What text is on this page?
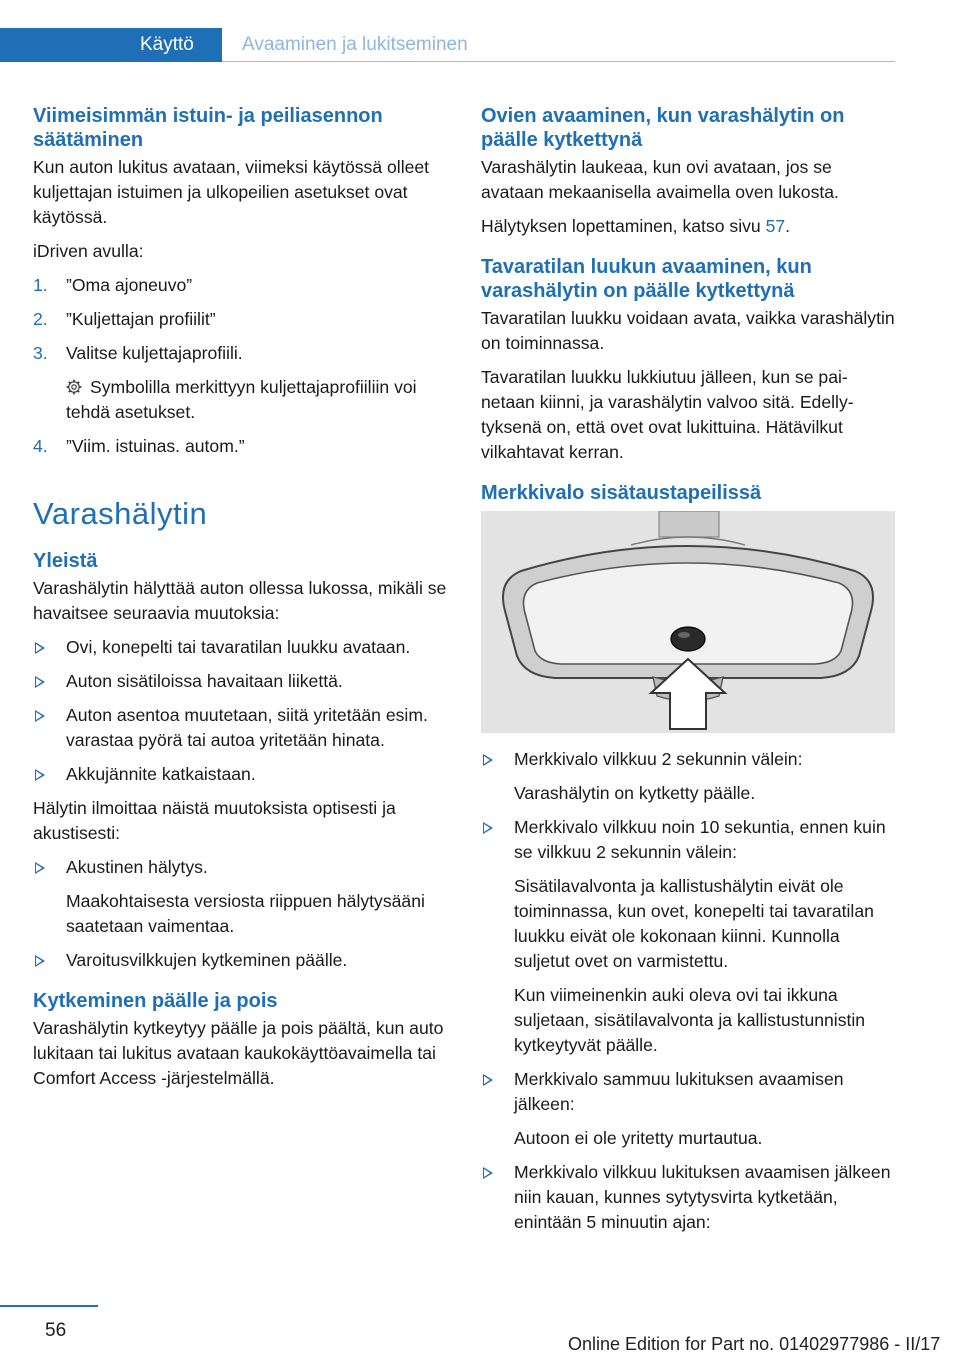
Käyttö	Avaaminen ja lukitseminen
Viimeisimmän istuin- ja peiliasennon säätäminen
Kun auton lukitus avataan, viimeksi käytössä olleet kuljettajan istuimen ja ulkopeilien asetukset ovat käytössä.
iDriven avulla:
1. ”Oma ajoneuvo”
2. ”Kuljettajan profiilit”
3. Valitse kuljettajaprofiili.
Symbolilla merkittyyn kuljettajaprofiiliin voi tehdä asetukset.
4. ”Viim. istuinas. autom.”
Varashälytin
Yleistä
Varashälytin hälyttää auton ollessa lukossa, mikäli se havaitsee seuraavia muutoksia:
Ovi, konepelti tai tavaratilan luukku avataan.
Auton sisätiloissa havaitaan liikettä.
Auton asentoa muutetaan, siitä yritetään esim. varastaa pyörä tai autoa yritetään hinata.
Akkujännite katkaistaan.
Hälytin ilmoittaa näistä muutoksista optisesti ja akustisesti:
Akustinen hälytys.
Maakohtaisesta versiosta riippuen hälytysääni saatetaan vaimentaa.
Varoitusvilkkujen kytkeminen päälle.
Kytkeminen päälle ja pois
Varashälytin kytkeytyy päälle ja pois päältä, kun auto lukitaan tai lukitus avataan kaukokäyttöavaimella tai Comfort Access -järjestelmällä.
Ovien avaaminen, kun varashälytin on päälle kytkettynä
Varashälytin laukeaa, kun ovi avataan, jos se avataan mekaanisella avaimella oven lukosta.
Hälytyksen lopettaminen, katso sivu 57.
Tavaratilan luukun avaaminen, kun varashälytin on päälle kytkettynä
Tavaratilan luukku voidaan avata, vaikka varashälytin on toiminnassa.
Tavaratilan luukku lukkiutuu jälleen, kun se painetaan kiinni, ja varashälytin valvoo sitä. Edellytyksenä on, että ovet ovat lukittuina. Hätävilkut vilkahtavat kerran.
Merkkivalo sisätaustapeilissä
Merkkivalo vilkkuu 2 sekunnin välein:
Varashälytin on kytketty päälle.
Merkkivalo vilkkuu noin 10 sekuntia, ennen kuin se vilkkuu 2 sekunnin välein:
Sisätilavalvonta ja kallistushälytin eivät ole toiminnassa, kun ovet, konepelti tai tavaratilan luukku eivät ole kokonaan kiinni. Kunnolla suljetut ovet on varmistettu.
Kun viimeinenkin auki oleva ovi tai ikkuna suljetaan, sisätilavalvonta ja kallistustunnistin kytkeytyvät päälle.
Merkkivalo sammuu lukituksen avaamisen jälkeen:
Autoon ei ole yritetty murtautua.
Merkkivalo vilkkuu lukituksen avaamisen jälkeen niin kauan, kunnes sytytysvirta kytketään, enintään 5 minuutin ajan:
56
Online Edition for Part no. 01402977986 - II/17
